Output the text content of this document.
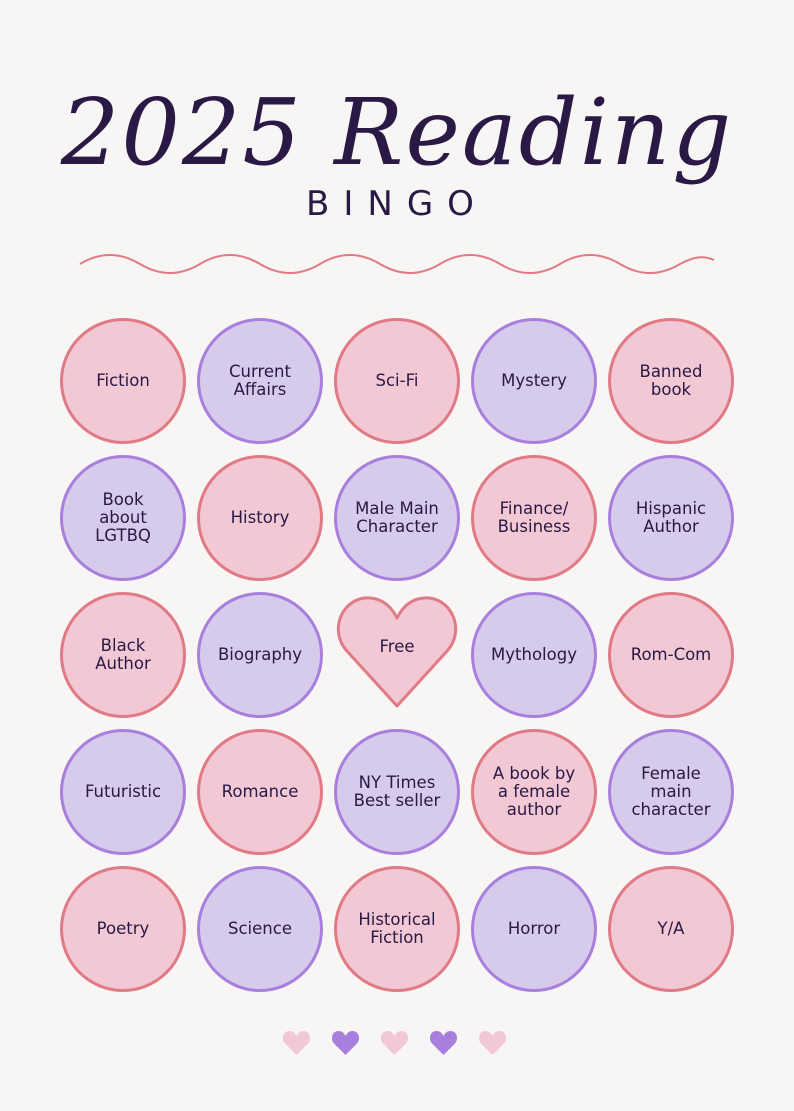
2025 Reading
BINGO
Fiction	Current
Affairs	Sci-Fi	Mystery	Banned
book
Book
about
LGTBQ
History	Male Main
Character
Finance/
Business
Hispanic
Author
Black
Author	Biography	Free	Mythology	Rom-Com
Futuristic	Romance	NY Times
Best seller
A book by
a female
author
Female
main
character
Poetry	Science	Historical
Fiction	Horror	Y/A
